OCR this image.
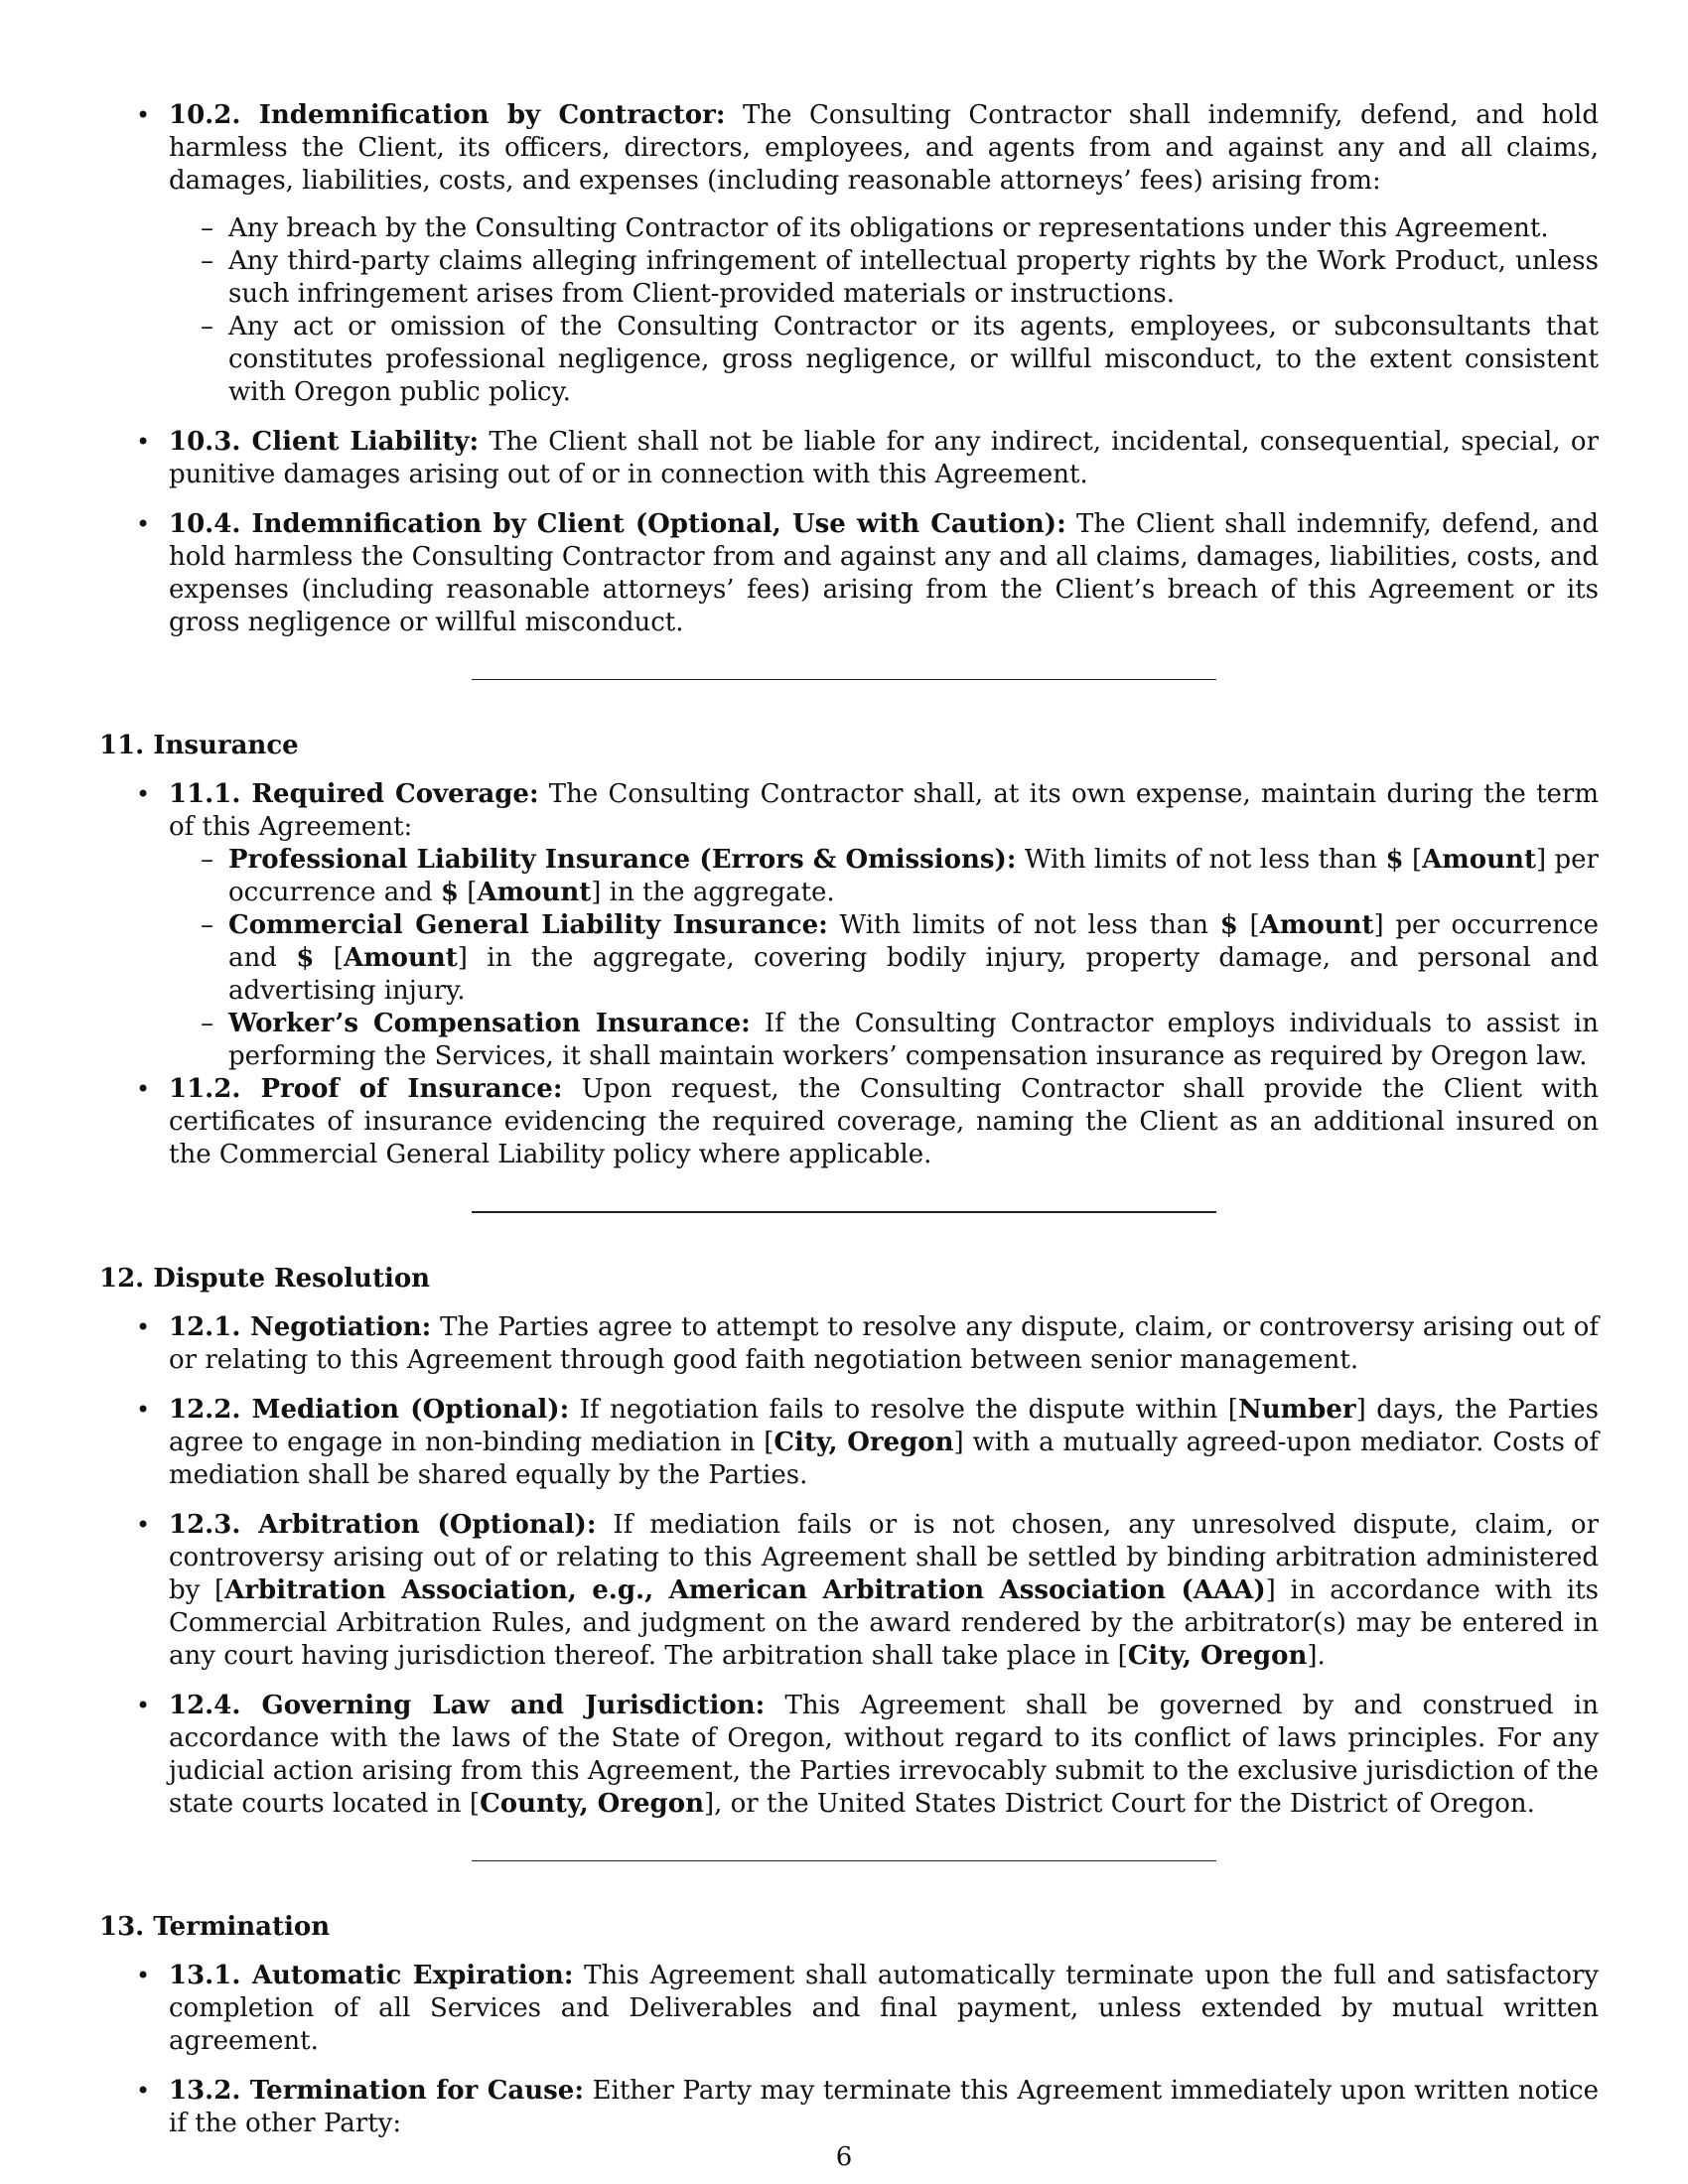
• 10.2. Indemnification by Contractor: The Consulting Contractor shall indemnify, defend, and hold harmless the Client, its officers, directors, employees, and agents from and against any and all claims, damages, liabilities, costs, and expenses (including reasonable attorneys’ fees) arising from:
– Any breach by the Consulting Contractor of its obligations or representations under this Agreement.
– Any third-party claims alleging infringement of intellectual property rights by the Work Product, unless such infringement arises from Client-provided materials or instructions.
– Any act or omission of the Consulting Contractor or its agents, employees, or subconsultants that constitutes professional negligence, gross negligence, or willful misconduct, to the extent consistent with Oregon public policy.
• 10.3. Client Liability: The Client shall not be liable for any indirect, incidental, consequential, special, or punitive damages arising out of or in connection with this Agreement.
• 10.4. Indemnification by Client (Optional, Use with Caution): The Client shall indemnify, defend, and hold harmless the Consulting Contractor from and against any and all claims, damages, liabilities, costs, and expenses (including reasonable attorneys’ fees) arising from the Client’s breach of this Agreement or its gross negligence or willful misconduct.
11. Insurance
• 11.1. Required Coverage: The Consulting Contractor shall, at its own expense, maintain during the term of this Agreement:
– Professional Liability Insurance (Errors & Omissions): With limits of not less than $ [Amount] per occurrence and $ [Amount] in the aggregate.
– Commercial General Liability Insurance: With limits of not less than $ [Amount] per occurrence and $ [Amount] in the aggregate, covering bodily injury, property damage, and personal and advertising injury.
– Worker’s Compensation Insurance: If the Consulting Contractor employs individuals to assist in performing the Services, it shall maintain workers’ compensation insurance as required by Oregon law.
• 11.2. Proof of Insurance: Upon request, the Consulting Contractor shall provide the Client with certificates of insurance evidencing the required coverage, naming the Client as an additional insured on the Commercial General Liability policy where applicable.
12. Dispute Resolution
• 12.1. Negotiation: The Parties agree to attempt to resolve any dispute, claim, or controversy arising out of or relating to this Agreement through good faith negotiation between senior management.
• 12.2. Mediation (Optional): If negotiation fails to resolve the dispute within [Number] days, the Parties agree to engage in non-binding mediation in [City, Oregon] with a mutually agreed-upon mediator. Costs of mediation shall be shared equally by the Parties.
• 12.3. Arbitration (Optional): If mediation fails or is not chosen, any unresolved dispute, claim, or controversy arising out of or relating to this Agreement shall be settled by binding arbitration administered by [Arbitration Association, e.g., American Arbitration Association (AAA)] in accordance with its Commercial Arbitration Rules, and judgment on the award rendered by the arbitrator(s) may be entered in any court having jurisdiction thereof. The arbitration shall take place in [City, Oregon].
• 12.4. Governing Law and Jurisdiction: This Agreement shall be governed by and construed in accordance with the laws of the State of Oregon, without regard to its conflict of laws principles. For any judicial action arising from this Agreement, the Parties irrevocably submit to the exclusive jurisdiction of the state courts located in [County, Oregon], or the United States District Court for the District of Oregon.
13. Termination
• 13.1. Automatic Expiration: This Agreement shall automatically terminate upon the full and satisfactory completion of all Services and Deliverables and final payment, unless extended by mutual written agreement.
• 13.2. Termination for Cause: Either Party may terminate this Agreement immediately upon written notice if the other Party:
6
